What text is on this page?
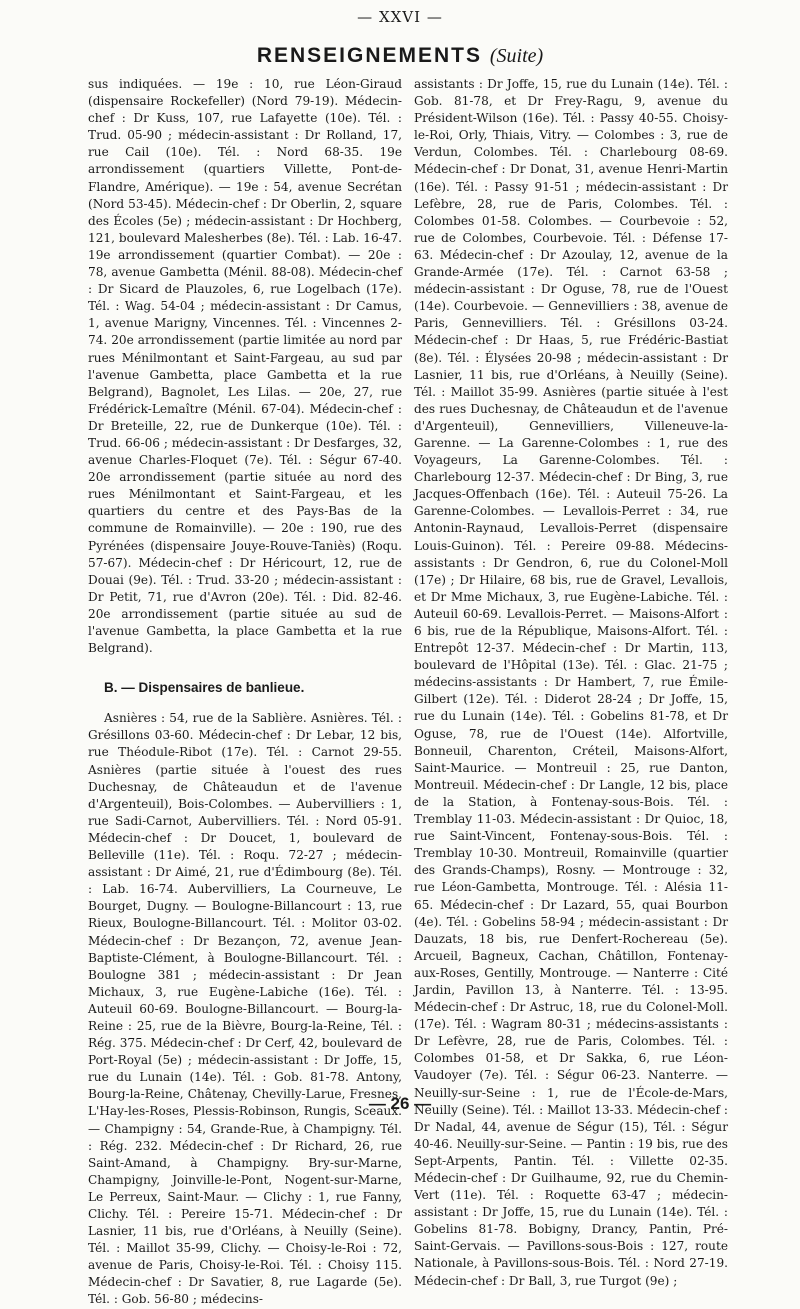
— XXVI —
RENSEIGNEMENTS (Suite)

sus indiquées. — 19e : 10, rue Léon-Giraud (dispensaire Rockefeller) (Nord 79-19). Médecin-chef : Dr Kuss, 107, rue Lafayette (10e). Tél. : Trud. 05-90 ; médecin-assistant : Dr Rolland, 17, rue Cail (10e). Tél. : Nord 68-35. 19e arrondissement (quartiers Villette, Pont-de-Flandre, Amérique). — 19e : 54, avenue Secrétan (Nord 53-45). Médecin-chef : Dr Oberlin, 2, square des Écoles (5e) ; médecin-assistant : Dr Hochberg, 121, boulevard Malesherbes (8e). Tél. : Lab. 16-47. 19e arrondissement (quartier Combat). — 20e : 78, avenue Gambetta (Ménil. 88-08). Médecin-chef : Dr Sicard de Plauzoles, 6, rue Logelbach (17e). Tél. : Wag. 54-04 ; médecin-assistant : Dr Camus, 1, avenue Marigny, Vincennes. Tél. : Vincennes 2-74. 20e arrondissement (partie limitée au nord par rues Ménilmontant et Saint-Fargeau, au sud par l'avenue Gambetta, place Gambetta et la rue Belgrand), Bagnolet, Les Lilas. — 20e, 27, rue Frédérick-Lemaître (Ménil. 67-04). Médecin-chef : Dr Breteille, 22, rue de Dunkerque (10e). Tél. : Trud. 66-06 ; médecin-assistant : Dr Desfarges, 32, avenue Charles-Floquet (7e). Tél. : Ségur 67-40. 20e arrondissement (partie située au nord des rues Ménilmontant et Saint-Fargeau, et les quartiers du centre et des Pays-Bas de la commune de Romainville). — 20e : 190, rue des Pyrénées (dispensaire Jouye-Rouve-Taniès) (Roqu. 57-67). Médecin-chef : Dr Héricourt, 12, rue de Douai (9e). Tél. : Trud. 33-20 ; médecin-assistant : Dr Petit, 71, rue d'Avron (20e). Tél. : Did. 82-46. 20e arrondissement (partie située au sud de l'avenue Gambetta, la place Gambetta et la rue Belgrand).

B. — Dispensaires de banlieue.

Asnières : 54, rue de la Sablière. Asnières. Tél. : Grésillons 03-60. Médecin-chef : Dr Lebar, 12 bis, rue Théodule-Ribot (17e). Tél. : Carnot 29-55. Asnières (partie située à l'ouest des rues Duchesnay, de Châteaudun et de l'avenue d'Argenteuil), Bois-Colombes. — Aubervilliers : 1, rue Sadi-Carnot, Aubervilliers. Tél. : Nord 05-91. Médecin-chef : Dr Doucet, 1, boulevard de Belleville (11e). Tél. : Roqu. 72-27 ; médecin-assistant : Dr Aimé, 21, rue d'Édimbourg (8e). Tél. : Lab. 16-74. Aubervilliers, La Courneuve, Le Bourget, Dugny. — Boulogne-Billancourt : 13, rue Rieux, Boulogne-Billancourt. Tél. : Molitor 03-02. Médecin-chef : Dr Bezançon, 72, avenue Jean-Baptiste-Clément, à Boulogne-Billancourt. Tél. : Boulogne 381 ; médecin-assistant : Dr Jean Michaux, 3, rue Eugène-Labiche (16e). Tél. : Auteuil 60-69. Boulogne-Billancourt. — Bourg-la-Reine : 25, rue de la Bièvre, Bourg-la-Reine, Tél. : Rég. 375. Médecin-chef : Dr Cerf, 42, boulevard de Port-Royal (5e) ; médecin-assistant : Dr Joffe, 15, rue du Lunain (14e). Tél. : Gob. 81-78. Antony, Bourg-la-Reine, Châtenay, Chevilly-Larue, Fresnes, L'Hay-les-Roses, Plessis-Robinson, Rungis, Sceaux. — Champigny : 54, Grande-Rue, à Champigny. Tél. : Rég. 232. Médecin-chef : Dr Richard, 26, rue Saint-Amand, à Champigny. Bry-sur-Marne, Champigny, Joinville-le-Pont, Nogent-sur-Marne, Le Perreux, Saint-Maur. — Clichy : 1, rue Fanny, Clichy. Tél. : Pereire 15-71. Médecin-chef : Dr Lasnier, 11 bis, rue d'Orléans, à Neuilly (Seine). Tél. : Maillot 35-99, Clichy. — Choisy-le-Roi : 72, avenue de Paris, Choisy-le-Roi. Tél. : Choisy 115. Médecin-chef : Dr Savatier, 8, rue Lagarde (5e). Tél. : Gob. 56-80 ; médecins-

assistants : Dr Joffe, 15, rue du Lunain (14e). Tél. : Gob. 81-78, et Dr Frey-Ragu, 9, avenue du Président-Wilson (16e). Tél. : Passy 40-55. Choisy-le-Roi, Orly, Thiais, Vitry. — Colombes : 3, rue de Verdun, Colombes. Tél. : Charlebourg 08-69. Médecin-chef : Dr Donat, 31, avenue Henri-Martin (16e). Tél. : Passy 91-51 ; médecin-assistant : Dr Lefèbre, 28, rue de Paris, Colombes. Tél. : Colombes 01-58. Colombes. — Courbevoie : 52, rue de Colombes, Courbevoie. Tél. : Défense 17-63. Médecin-chef : Dr Azoulay, 12, avenue de la Grande-Armée (17e). Tél. : Carnot 63-58 ; médecin-assistant : Dr Oguse, 78, rue de l'Ouest (14e). Courbevoie. — Gennevilliers : 38, avenue de Paris, Gennevilliers. Tél. : Grésillons 03-24. Médecin-chef : Dr Haas, 5, rue Frédéric-Bastiat (8e). Tél. : Élysées 20-98 ; médecin-assistant : Dr Lasnier, 11 bis, rue d'Orléans, à Neuilly (Seine). Tél. : Maillot 35-99. Asnières (partie située à l'est des rues Duchesnay, de Châteaudun et de l'avenue d'Argenteuil), Gennevilliers, Villeneuve-la-Garenne. — La Garenne-Colombes : 1, rue des Voyageurs, La Garenne-Colombes. Tél. : Charlebourg 12-37. Médecin-chef : Dr Bing, 3, rue Jacques-Offenbach (16e). Tél. : Auteuil 75-26. La Garenne-Colombes. — Levallois-Perret : 34, rue Antonin-Raynaud, Levallois-Perret (dispensaire Louis-Guinon). Tél. : Pereire 09-88. Médecins-assistants : Dr Gendron, 6, rue du Colonel-Moll (17e) ; Dr Hilaire, 68 bis, rue de Gravel, Levallois, et Dr Mme Michaux, 3, rue Eugène-Labiche. Tél. : Auteuil 60-69. Levallois-Perret. — Maisons-Alfort : 6 bis, rue de la République, Maisons-Alfort. Tél. : Entrepôt 12-37. Médecin-chef : Dr Martin, 113, boulevard de l'Hôpital (13e). Tél. : Glac. 21-75 ; médecins-assistants : Dr Hambert, 7, rue Émile-Gilbert (12e). Tél. : Diderot 28-24 ; Dr Joffe, 15, rue du Lunain (14e). Tél. : Gobelins 81-78, et Dr Oguse, 78, rue de l'Ouest (14e). Alfortville, Bonneuil, Charenton, Créteil, Maisons-Alfort, Saint-Maurice. — Montreuil : 25, rue Danton, Montreuil. Médecin-chef : Dr Langle, 12 bis, place de la Station, à Fontenay-sous-Bois. Tél. : Tremblay 11-03. Médecin-assistant : Dr Quioc, 18, rue Saint-Vincent, Fontenay-sous-Bois. Tél. : Tremblay 10-30. Montreuil, Romainville (quartier des Grands-Champs), Rosny. — Montrouge : 32, rue Léon-Gambetta, Montrouge. Tél. : Alésia 11-65. Médecin-chef : Dr Lazard, 55, quai Bourbon (4e). Tél. : Gobelins 58-94 ; médecin-assistant : Dr Dauzats, 18 bis, rue Denfert-Rochereau (5e). Arcueil, Bagneux, Cachan, Châtillon, Fontenay-aux-Roses, Gentilly, Montrouge. — Nanterre : Cité Jardin, Pavillon 13, à Nanterre. Tél. : 13-95. Médecin-chef : Dr Astruc, 18, rue du Colonel-Moll. (17e). Tél. : Wagram 80-31 ; médecins-assistants : Dr Lefèvre, 28, rue de Paris, Colombes. Tél. : Colombes 01-58, et Dr Sakka, 6, rue Léon-Vaudoyer (7e). Tél. : Ségur 06-23. Nanterre. — Neuilly-sur-Seine : 1, rue de l'École-de-Mars, Neuilly (Seine). Tél. : Maillot 13-33. Médecin-chef : Dr Nadal, 44, avenue de Ségur (15), Tél. : Ségur 40-46. Neuilly-sur-Seine. — Pantin : 19 bis, rue des Sept-Arpents, Pantin. Tél. : Villette 02-35. Médecin-chef : Dr Guilhaume, 92, rue du Chemin-Vert (11e). Tél. : Roquette 63-47 ; médecin-assistant : Dr Joffe, 15, rue du Lunain (14e). Tél. : Gobelins 81-78. Bobigny, Drancy, Pantin, Pré-Saint-Gervais. — Pavillons-sous-Bois : 127, route Nationale, à Pavillons-sous-Bois. Tél. : Nord 27-19. Médecin-chef : Dr Ball, 3, rue Turgot (9e) ;

— 26 —
